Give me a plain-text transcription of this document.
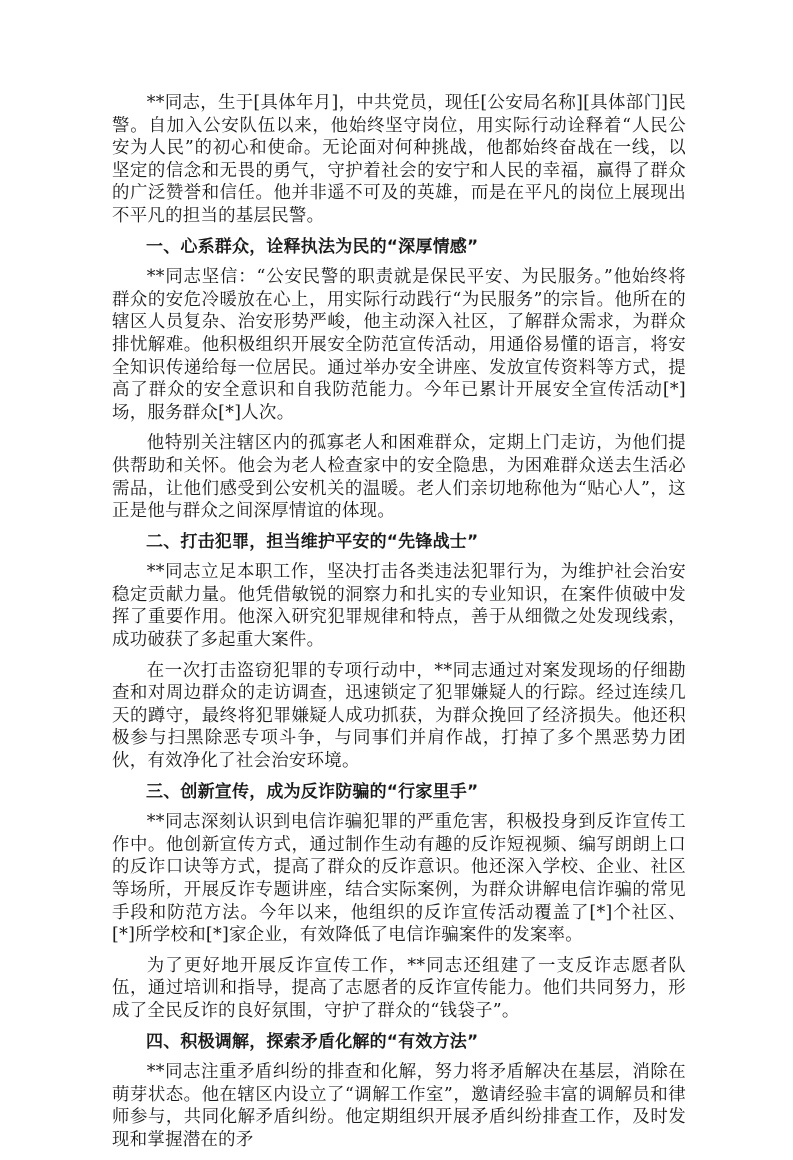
**同志，生于[具体年月]，中共党员，现任[公安局名称][具体部门]民警。自加入公安队伍以来，他始终坚守岗位，用实际行动诠释着“人民公安为人民”的初心和使命。无论面对何种挑战，他都始终奋战在一线，以坚定的信念和无畏的勇气，守护着社会的安宁和人民的幸福，赢得了群众的广泛赞誉和信任。他并非遥不可及的英雄，而是在平凡的岗位上展现出不平凡的担当的基层民警。

一、心系群众，诠释执法为民的“深厚情感”

**同志坚信：“公安民警的职责就是保民平安、为民服务。”他始终将群众的安危冷暖放在心上，用实际行动践行“为民服务”的宗旨。他所在的辖区人员复杂、治安形势严峻，他主动深入社区，了解群众需求，为群众排忧解难。他积极组织开展安全防范宣传活动，用通俗易懂的语言，将安全知识传递给每一位居民。通过举办安全讲座、发放宣传资料等方式，提高了群众的安全意识和自我防范能力。今年已累计开展安全宣传活动[*]场，服务群众[*]人次。

他特别关注辖区内的孤寡老人和困难群众，定期上门走访，为他们提供帮助和关怀。他会为老人检查家中的安全隐患，为困难群众送去生活必需品，让他们感受到公安机关的温暖。老人们亲切地称他为“贴心人”，这正是他与群众之间深厚情谊的体现。

二、打击犯罪，担当维护平安的“先锋战士”

**同志立足本职工作，坚决打击各类违法犯罪行为，为维护社会治安稳定贡献力量。他凭借敏锐的洞察力和扎实的专业知识，在案件侦破中发挥了重要作用。他深入研究犯罪规律和特点，善于从细微之处发现线索，成功破获了多起重大案件。

在一次打击盗窃犯罪的专项行动中，**同志通过对案发现场的仔细勘查和对周边群众的走访调查，迅速锁定了犯罪嫌疑人的行踪。经过连续几天的蹲守，最终将犯罪嫌疑人成功抓获，为群众挽回了经济损失。他还积极参与扫黑除恶专项斗争，与同事们并肩作战，打掉了多个黑恶势力团伙，有效净化了社会治安环境。

三、创新宣传，成为反诈防骗的“行家里手”

**同志深刻认识到电信诈骗犯罪的严重危害，积极投身到反诈宣传工作中。他创新宣传方式，通过制作生动有趣的反诈短视频、编写朗朗上口的反诈口诀等方式，提高了群众的反诈意识。他还深入学校、企业、社区等场所，开展反诈专题讲座，结合实际案例，为群众讲解电信诈骗的常见手段和防范方法。今年以来，他组织的反诈宣传活动覆盖了[*]个社区、[*]所学校和[*]家企业，有效降低了电信诈骗案件的发案率。

为了更好地开展反诈宣传工作，**同志还组建了一支反诈志愿者队伍，通过培训和指导，提高了志愿者的反诈宣传能力。他们共同努力，形成了全民反诈的良好氛围，守护了群众的“钱袋子”。

四、积极调解，探索矛盾化解的“有效方法”

**同志注重矛盾纠纷的排查和化解，努力将矛盾解决在基层，消除在萌芽状态。他在辖区内设立了“调解工作室”，邀请经验丰富的调解员和律师参与，共同化解矛盾纠纷。他定期组织开展矛盾纠纷排查工作，及时发现和掌握潜在的矛
